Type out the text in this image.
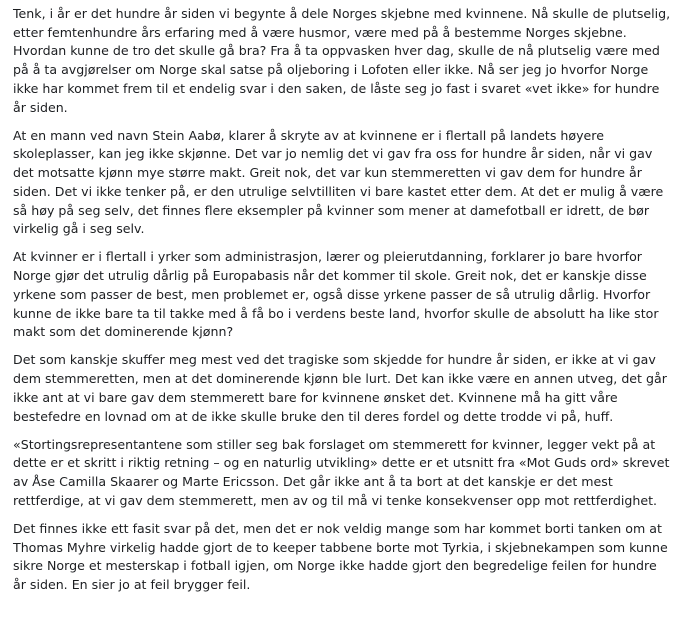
Tenk, i år er det hundre år siden vi begynte å dele Norges skjebne med kvinnene. Nå skulle de plutselig, etter femtenhundre års erfaring med å være husmor, være med på å bestemme Norges skjebne. Hvordan kunne de tro det skulle gå bra? Fra å ta oppvasken hver dag, skulle de nå plutselig være med på å ta avgjørelser om Norge skal satse på oljeboring i Lofoten eller ikke. Nå ser jeg jo hvorfor Norge ikke har kommet frem til et endelig svar i den saken, de låste seg jo fast i svaret «vet ikke» for hundre år siden.

At en mann ved navn Stein Aabø, klarer å skryte av at kvinnene er i flertall på landets høyere skoleplasser, kan jeg ikke skjønne. Det var jo nemlig det vi gav fra oss for hundre år siden, når vi gav det motsatte kjønn mye større makt. Greit nok, det var kun stemmeretten vi gav dem for hundre år siden. Det vi ikke tenker på, er den utrulige selvtilliten vi bare kastet etter dem. At det er mulig å være så høy på seg selv, det finnes flere eksempler på kvinner som mener at damefotball er idrett, de bør virkelig gå i seg selv.

At kvinner er i flertall i yrker som administrasjon, lærer og pleierutdanning, forklarer jo bare hvorfor Norge gjør det utrulig dårlig på Europabasis når det kommer til skole. Greit nok, det er kanskje disse yrkene som passer de best, men problemet er, også disse yrkene passer de så utrulig dårlig. Hvorfor kunne de ikke bare ta til takke med å få bo i verdens beste land, hvorfor skulle de absolutt ha like stor makt som det dominerende kjønn?

Det som kanskje skuffer meg mest ved det tragiske som skjedde for hundre år siden, er ikke at vi gav dem stemmeretten, men at det dominerende kjønn ble lurt. Det kan ikke være en annen utveg, det går ikke ant at vi bare gav dem stemmerett bare for kvinnene ønsket det. Kvinnene må ha gitt våre bestefedre en lovnad om at de ikke skulle bruke den til deres fordel og dette trodde vi på, huff.

«Stortingsrepresentantene som stiller seg bak forslaget om stemmerett for kvinner, legger vekt på at dette er et skritt i riktig retning – og en naturlig utvikling» dette er et utsnitt fra «Mot Guds ord» skrevet av Åse Camilla Skaarer og Marte Ericsson. Det går ikke ant å ta bort at det kanskje er det mest rettferdige, at vi gav dem stemmerett, men av og til må vi tenke konsekvenser opp mot rettferdighet.

Det finnes ikke ett fasit svar på det, men det er nok veldig mange som har kommet borti tanken om at Thomas Myhre virkelig hadde gjort de to keeper tabbene borte mot Tyrkia, i skjebnekampen som kunne sikre Norge et mesterskap i fotball igjen, om Norge ikke hadde gjort den begredelige feilen for hundre år siden. En sier jo at feil brygger feil.
